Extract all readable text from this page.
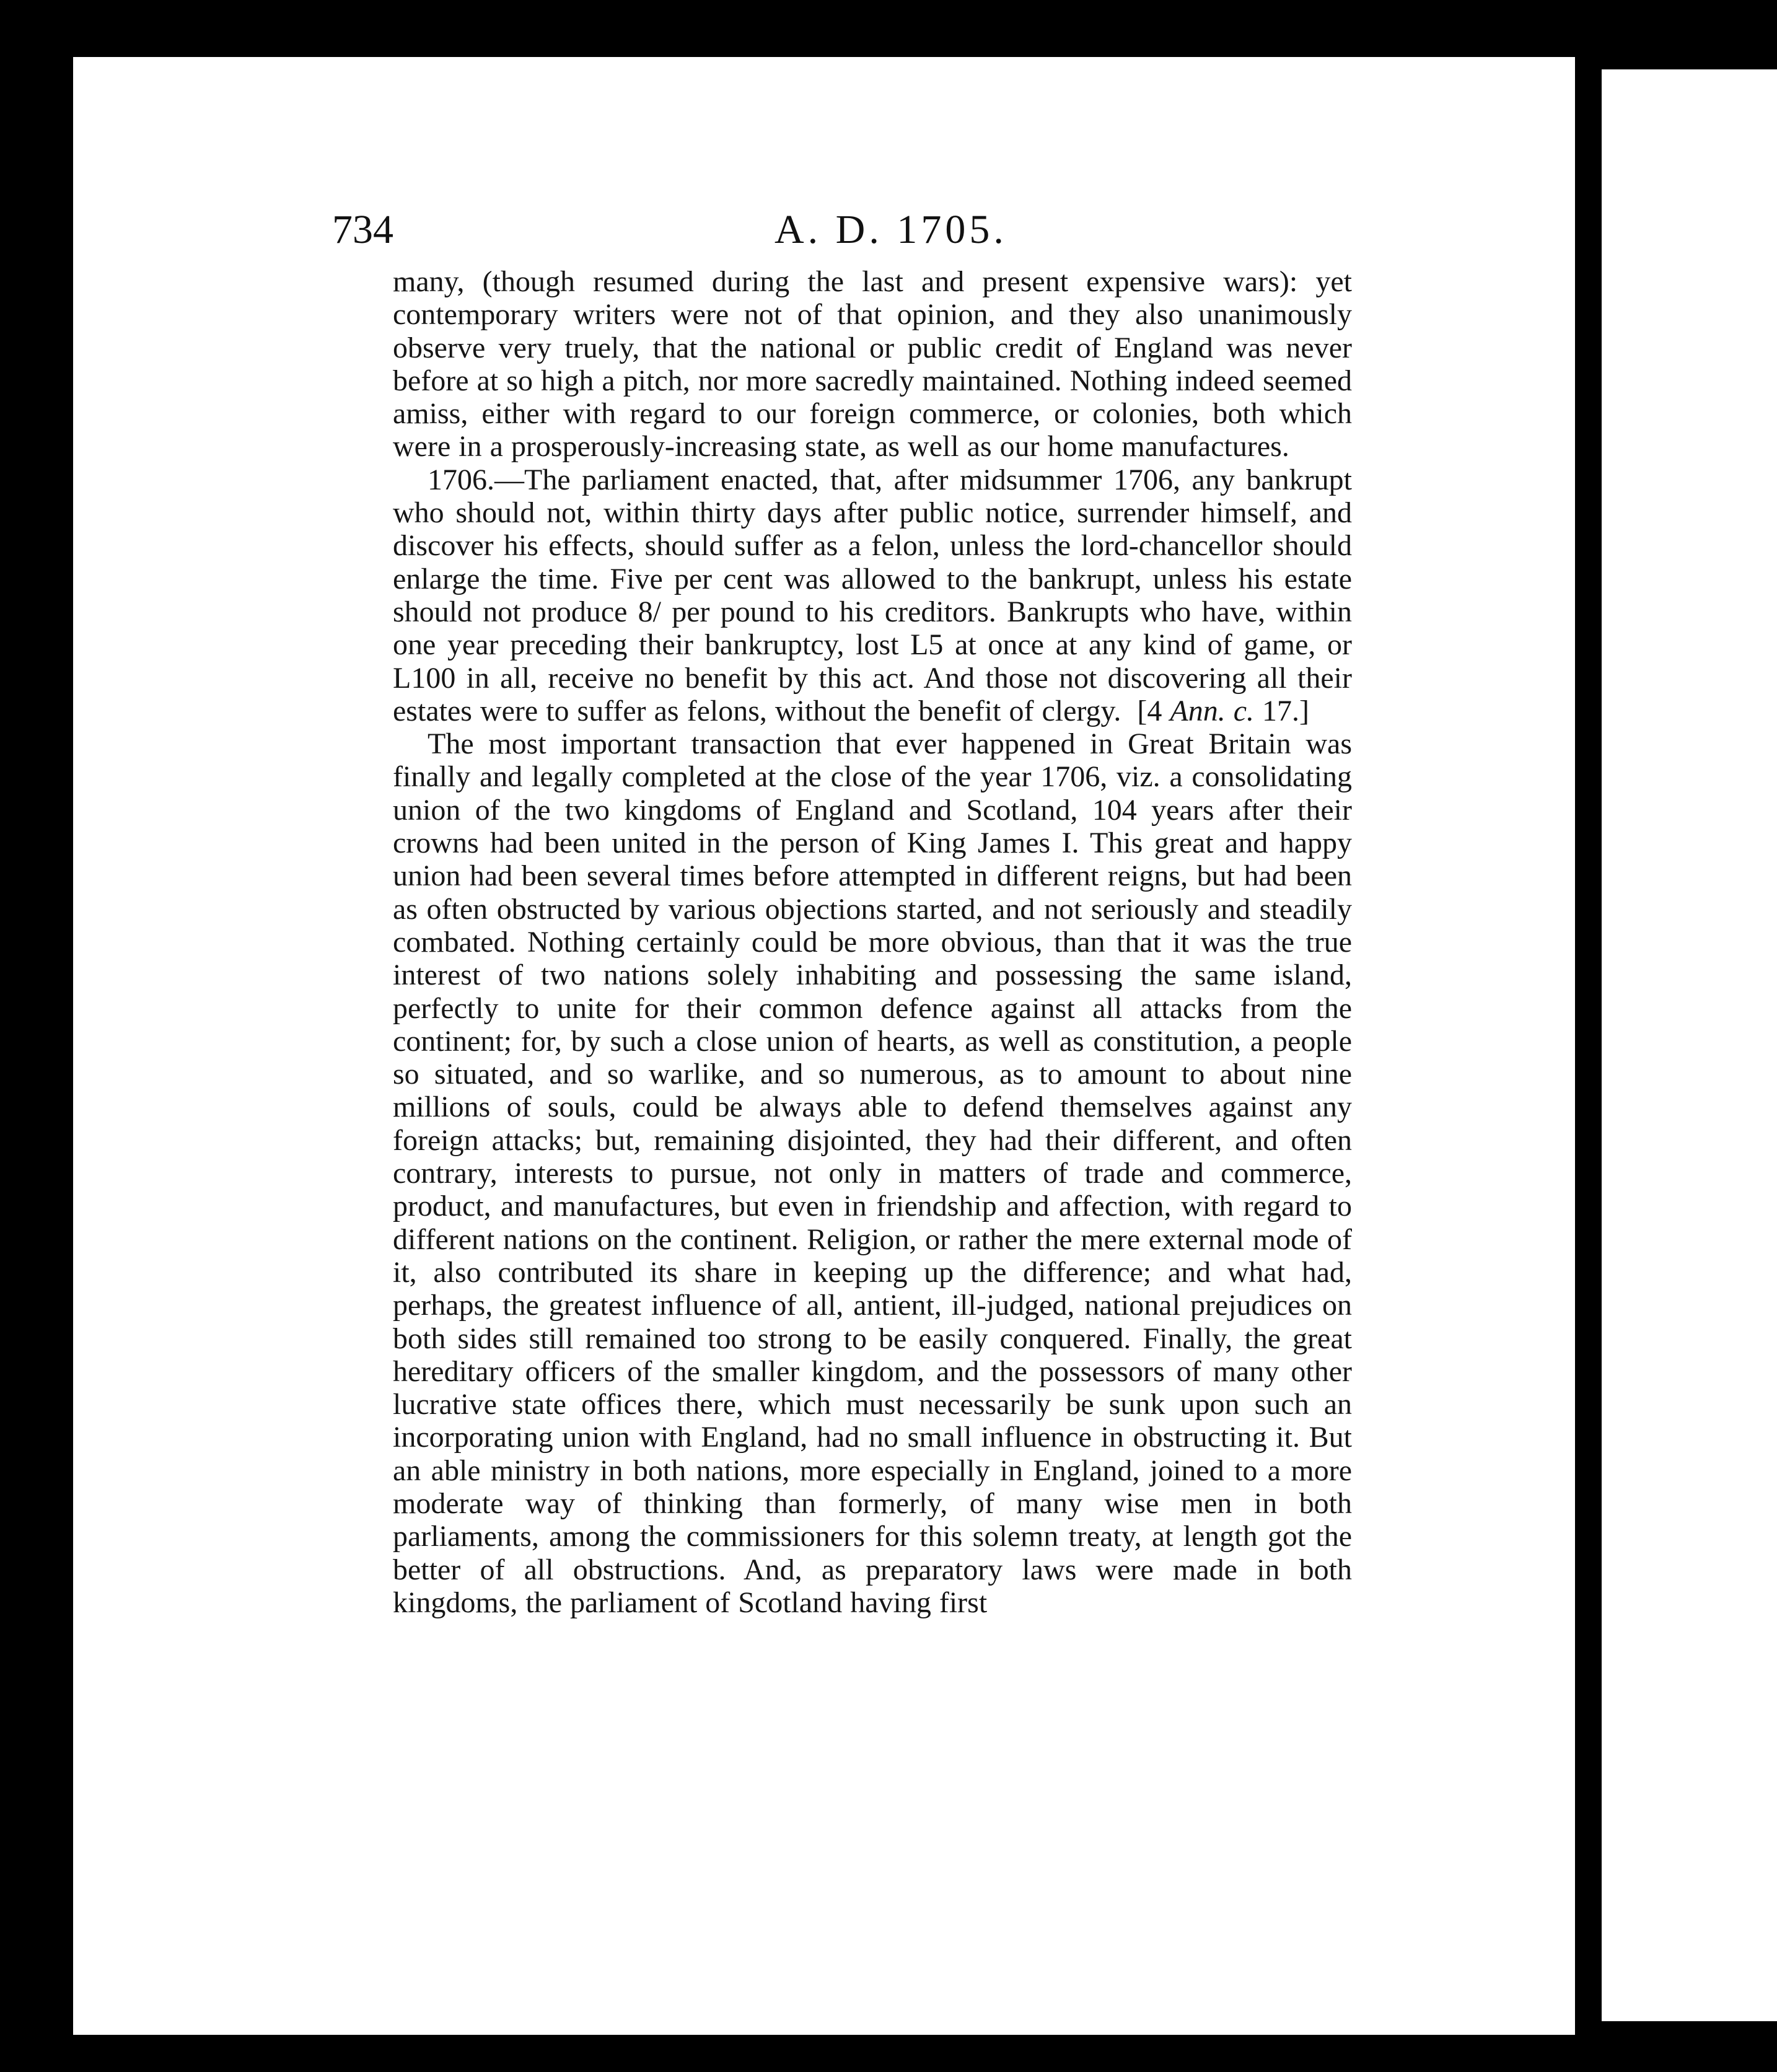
734	A. D. 1705.

many, (though resumed during the last and present expensive wars): yet contemporary writers were not of that opinion, and they also unanimously observe very truely, that the national or public credit of England was never before at so high a pitch, nor more sacredly maintained. Nothing indeed seemed amiss, either with regard to our foreign commerce, or colonies, both which were in a prosperously-increasing state, as well as our home manufactures.

1706.—The parliament enacted, that, after midsummer 1706, any bankrupt who should not, within thirty days after public notice, surrender himself, and discover his effects, should suffer as a felon, unless the lord-chancellor should enlarge the time. Five per cent was allowed to the bankrupt, unless his estate should not produce 8/ per pound to his creditors. Bankrupts who have, within one year preceding their bankruptcy, lost L5 at once at any kind of game, or L100 in all, receive no benefit by this act. And those not discovering all their estates were to suffer as felons, without the benefit of clergy. [4 Ann. c. 17.]

The most important transaction that ever happened in Great Britain was finally and legally completed at the close of the year 1706, viz. a consolidating union of the two kingdoms of England and Scotland, 104 years after their crowns had been united in the person of King James I. This great and happy union had been several times before attempted in different reigns, but had been as often obstructed by various objections started, and not seriously and steadily combated. Nothing certainly could be more obvious, than that it was the true interest of two nations solely inhabiting and possessing the same island, perfectly to unite for their common defence against all attacks from the continent; for, by such a close union of hearts, as well as constitution, a people so situated, and so warlike, and so numerous, as to amount to about nine millions of souls, could be always able to defend themselves against any foreign attacks; but, remaining disjointed, they had their different, and often contrary, interests to pursue, not only in matters of trade and commerce, product, and manufactures, but even in friendship and affection, with regard to different nations on the continent. Religion, or rather the mere external mode of it, also contributed its share in keeping up the difference; and what had, perhaps, the greatest influence of all, antient, ill-judged, national prejudices on both sides still remained too strong to be easily conquered. Finally, the great hereditary officers of the smaller kingdom, and the possessors of many other lucrative state offices there, which must necessarily be sunk upon such an incorporating union with England, had no small influence in obstructing it. But an able ministry in both nations, more especially in England, joined to a more moderate way of thinking than formerly, of many wise men in both parliaments, among the commissioners for this solemn treaty, at length got the better of all obstructions. And, as preparatory laws were made in both kingdoms, the parliament of Scotland having first
